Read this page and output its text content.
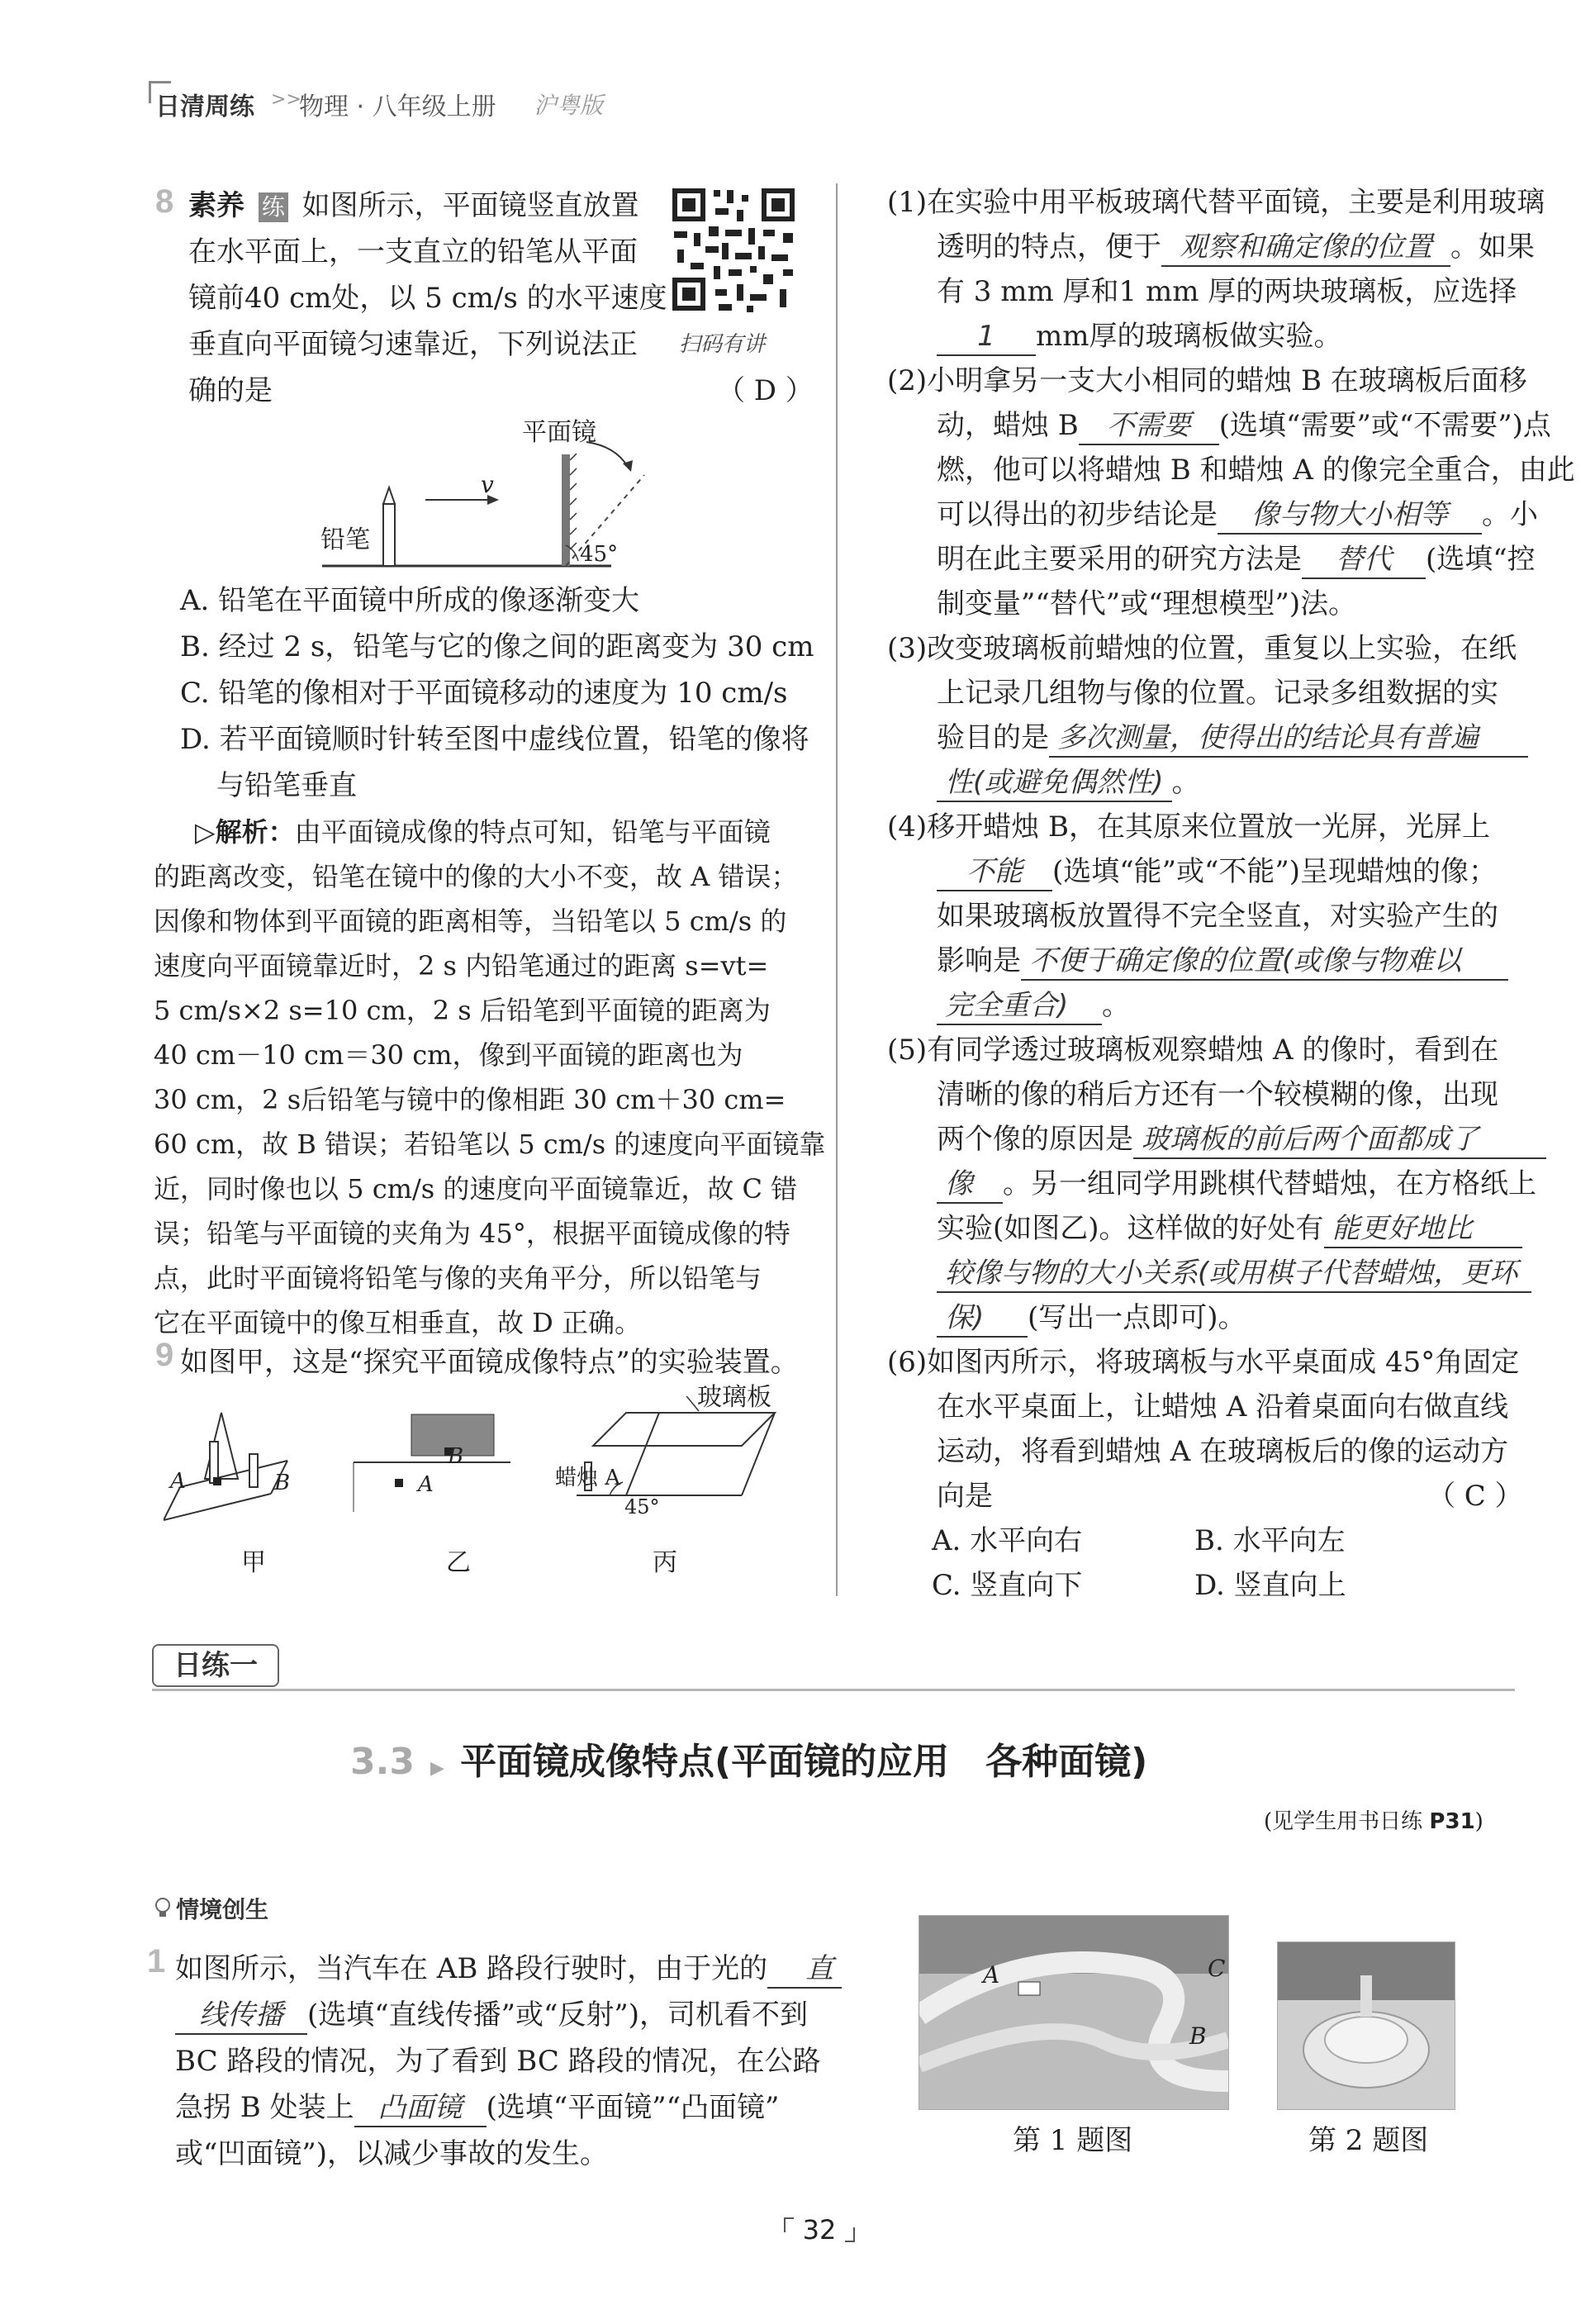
日清周练 >>
物理 · 八年级上册 沪粤版
8 素养 练 如图所示，平面镜竖直放置
在水平面上，一支直立的铅笔从平面
镜前40 cm处，以 5 cm/s 的水平速度
垂直向平面镜匀速靠近，下列说法正
确的是	（ D ）
扫码有讲
平面镜
铅笔
v
45°
A. 铅笔在平面镜中所成的像逐渐变大
B. 经过 2 s，铅笔与它的像之间的距离变为 30 cm
C. 铅笔的像相对于平面镜移动的速度为 10 cm/s
D. 若平面镜顺时针转至图中虚线位置，铅笔的像将
与铅笔垂直
▷解析：由平面镜成像的特点可知，铅笔与平面镜
的距离改变，铅笔在镜中的像的大小不变，故 A 错误；
因像和物体到平面镜的距离相等，当铅笔以 5 cm/s 的
速度向平面镜靠近时，2 s 内铅笔通过的距离 s=vt=
5 cm/s×2 s=10 cm，2 s 后铅笔到平面镜的距离为
40 cm－10 cm＝30 cm，像到平面镜的距离也为
30 cm，2 s后铅笔与镜中的像相距 30 cm＋30 cm=
60 cm，故 B 错误；若铅笔以 5 cm/s 的速度向平面镜靠
近，同时像也以 5 cm/s 的速度向平面镜靠近，故 C 错
误；铅笔与平面镜的夹角为 45°，根据平面镜成像的特
点，此时平面镜将铅笔与像的夹角平分，所以铅笔与
它在平面镜中的像互相垂直，故 D 正确。
9 如图甲，这是“探究平面镜成像特点”的实验装置。
玻璃板
A	B
B
A	蜡烛 A
45°
甲	乙	丙
(1)在实验中用平板玻璃代替平面镜，主要是利用玻璃
透明的特点，便于 观察和确定像的位置 。如果
有 3 mm 厚和1 mm 厚的两块玻璃板，应选择
1 mm厚的玻璃板做实验。
(2)小明拿另一支大小相同的蜡烛 B 在玻璃板后面移
动，蜡烛 B 不需要 (选填“需要”或“不需要”)点
燃，他可以将蜡烛 B 和蜡烛 A 的像完全重合，由此
可以得出的初步结论是 像与物大小相等 。小
明在此主要采用的研究方法是 替代 (选填“控
制变量”“替代”或“理想模型”)法。
(3)改变玻璃板前蜡烛的位置，重复以上实验，在纸
上记录几组物与像的位置。记录多组数据的实
验目的是 多次测量，使得出的结论具有普遍
性(或避免偶然性) 。
(4)移开蜡烛 B，在其原来位置放一光屏，光屏上
不能 (选填“能”或“不能”)呈现蜡烛的像；
如果玻璃板放置得不完全竖直，对实验产生的
影响是 不便于确定像的位置(或像与物难以
完全重合) 。
(5)有同学透过玻璃板观察蜡烛 A 的像时，看到在
清晰的像的稍后方还有一个较模糊的像，出现
两个像的原因是 玻璃板的前后两个面都成了
像 。另一组同学用跳棋代替蜡烛，在方格纸上
实验(如图乙)。这样做的好处有 能更好地比
较像与物的大小关系(或用棋子代替蜡烛，更环
保) (写出一点即可)。
(6)如图丙所示，将玻璃板与水平桌面成 45°角固定
在水平桌面上，让蜡烛 A 沿着桌面向右做直线
运动，将看到蜡烛 A 在玻璃板后的像的运动方
向是	（ C ）
A. 水平向右	B. 水平向左
C. 竖直向下	D. 竖直向上
日练一
3.3 ▶ 平面镜成像特点(平面镜的应用　各种面镜)
(见学生用书日练 P31)
情境创生
1 如图所示，当汽车在 AB 路段行驶时，由于光的 直
线传播 (选填“直线传播”或“反射”)，司机看不到
BC 路段的情况，为了看到 BC 路段的情况，在公路
急拐 B 处装上 凸面镜 (选填“平面镜”“凸面镜”
或“凹面镜”)，以减少事故的发生。
A	C
B
第 1 题图	第 2 题图
32
